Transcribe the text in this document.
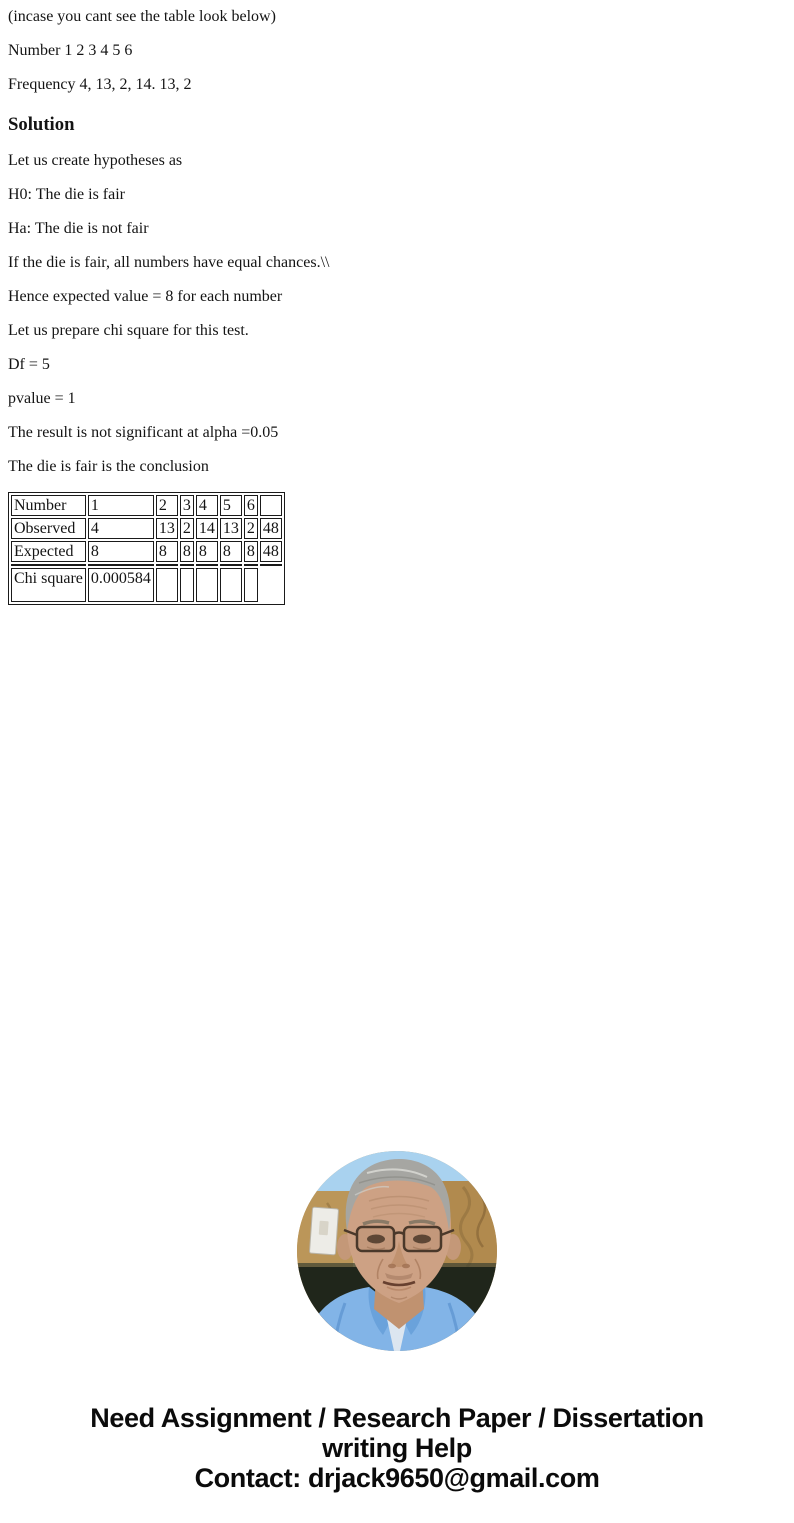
(incase you cant see the table look below)

Number 1 2 3 4 5 6

Frequency 4, 13, 2, 14. 13, 2

Solution

Let us create hypotheses as

H0: The die is fair

Ha: The die is not fair

If the die is fair, all numbers have equal chances.\\

Hence expected value = 8 for each number

Let us prepare chi square for this test.

Df = 5

pvalue = 1

The result is not significant at alpha =0.05

The die is fair is the conclusion

Number	1	2	3	4	5	6	
Observed	4	13	2	14	13	2	48
Expected	8	8	8	8	8	8	48

Chi square	0.000584						
Need Assignment / Research Paper / Dissertation
writing Help
Contact: drjack9650@gmail.com
